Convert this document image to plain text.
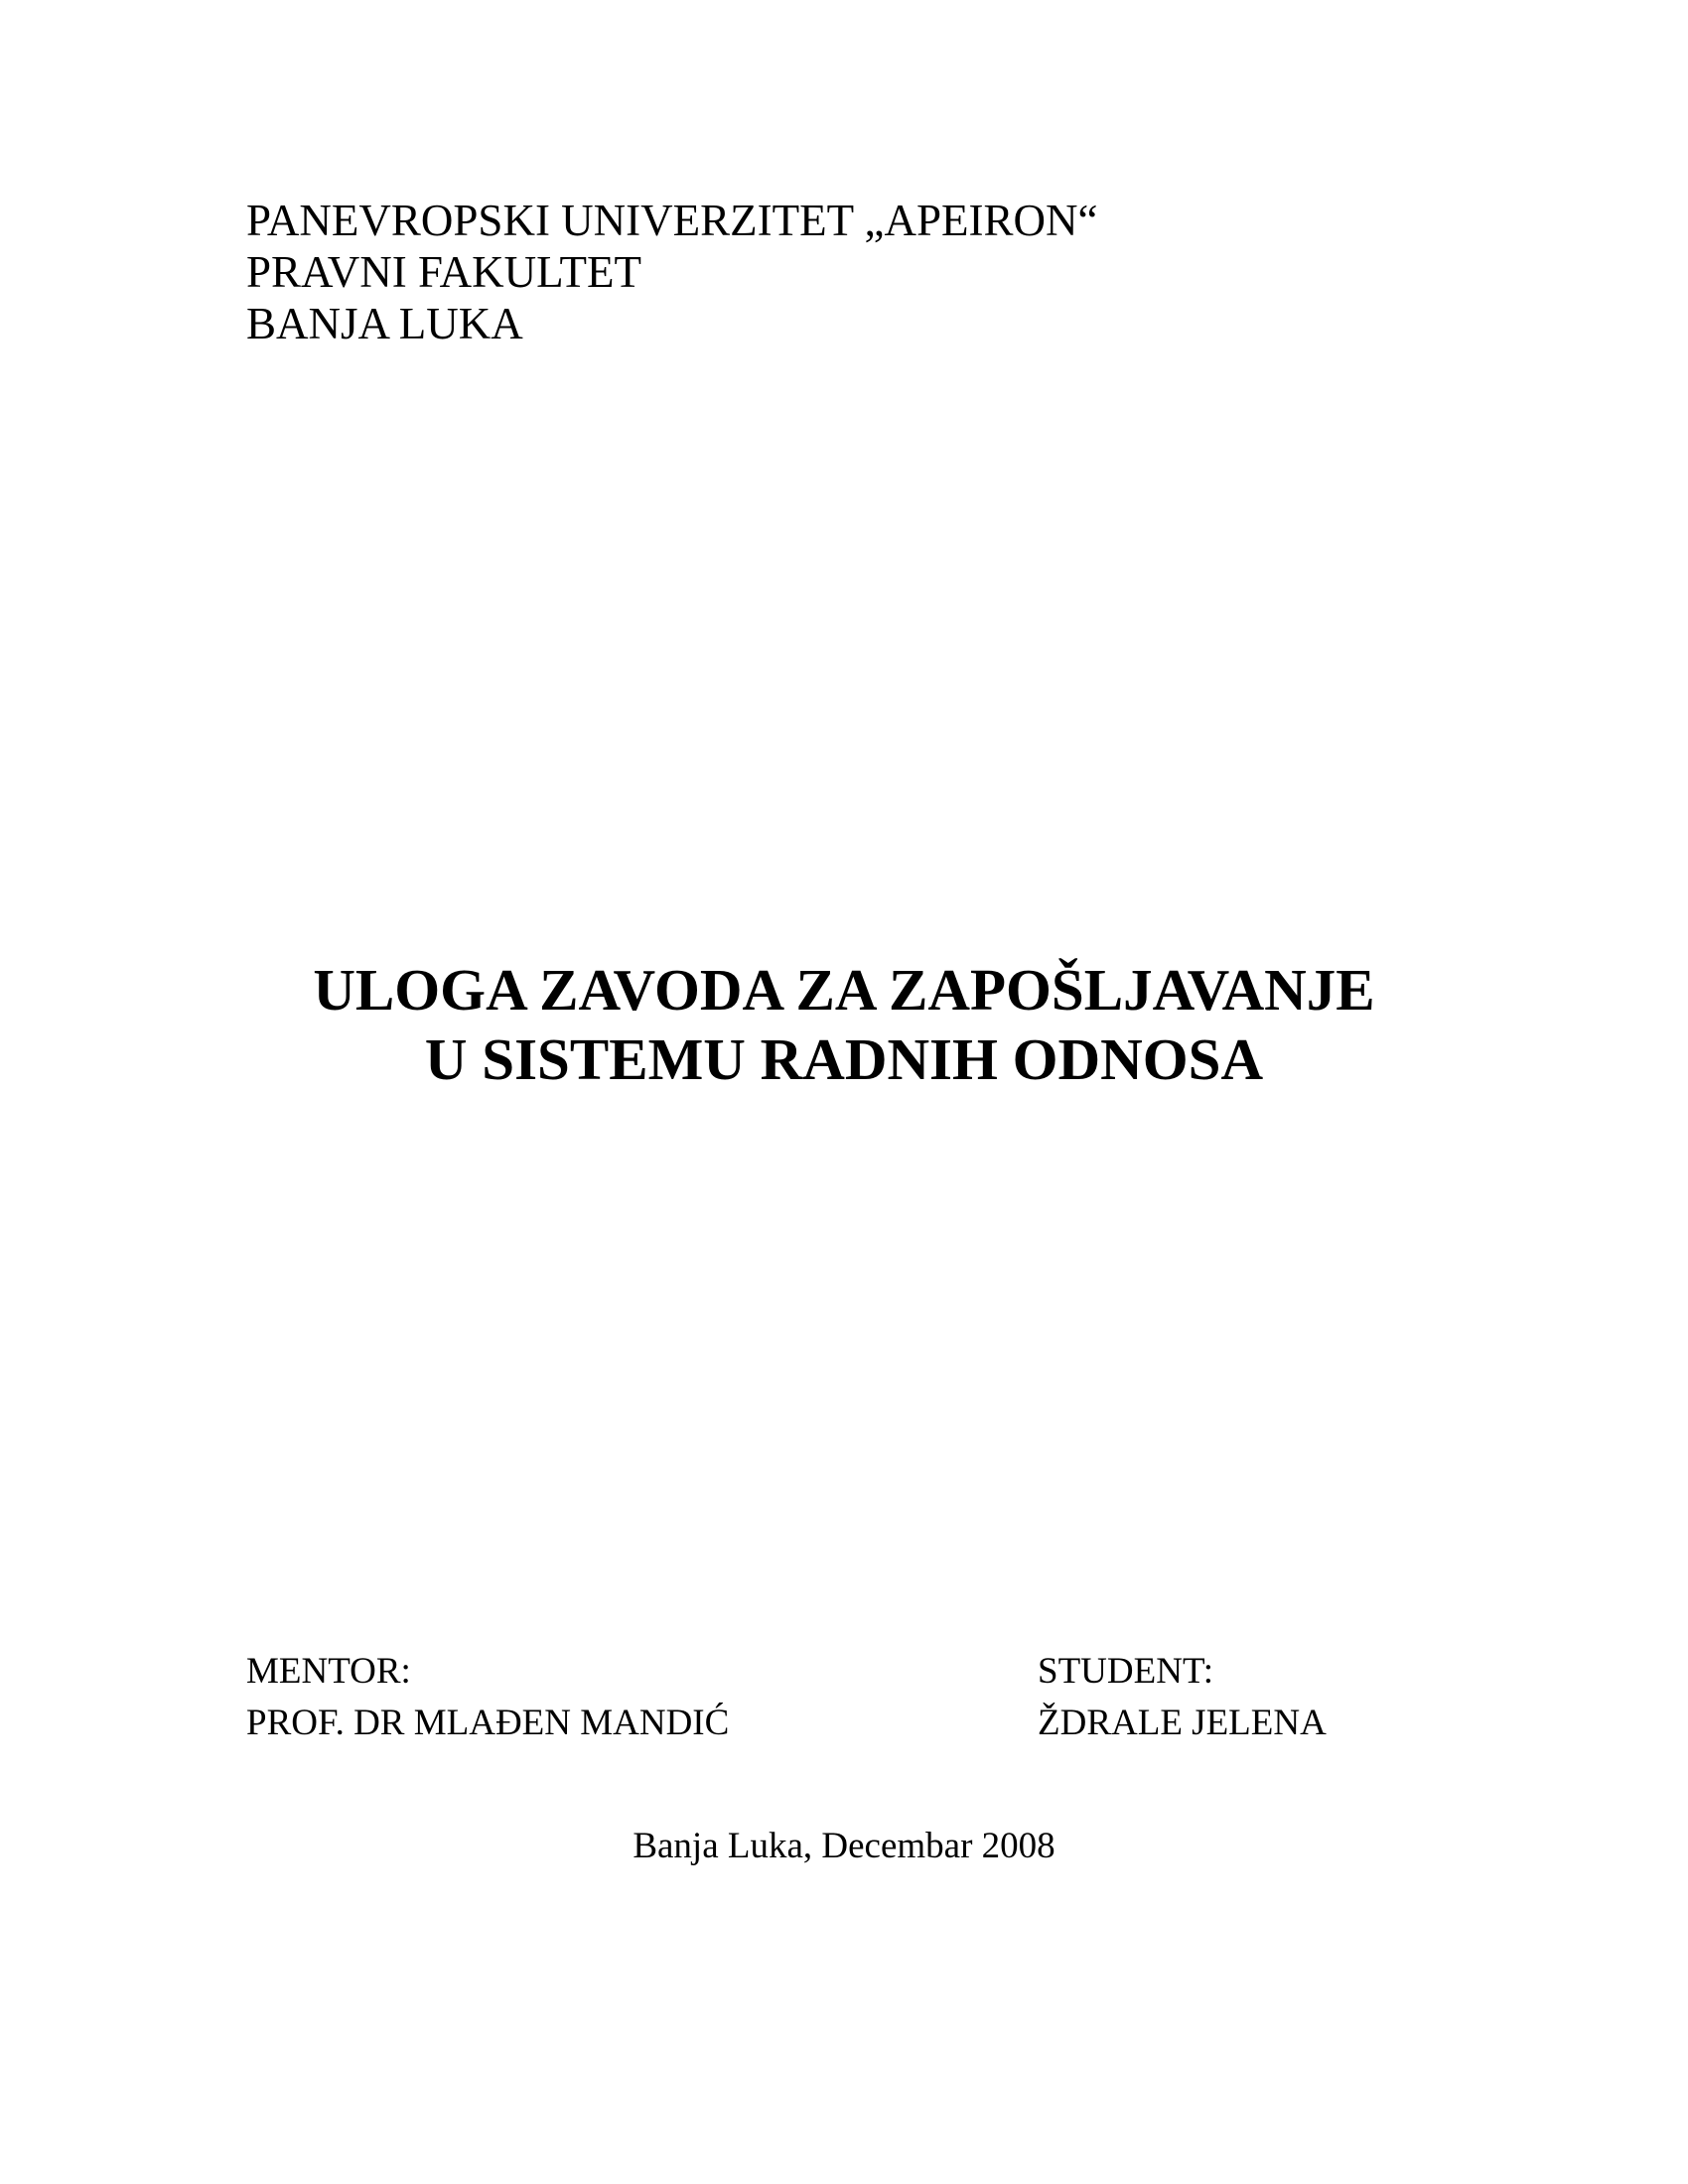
PANEVROPSKI UNIVERZITET „APEIRON“
PRAVNI FAKULTET
BANJA LUKA
ULOGA ZAVODA ZA ZAPOŠLJAVANJE
U SISTEMU RADNIH ODNOSA
MENTOR:
PROF. DR MLAĐEN MANDIĆ
STUDENT:
ŽDRALE JELENA
Banja Luka, Decembar 2008
